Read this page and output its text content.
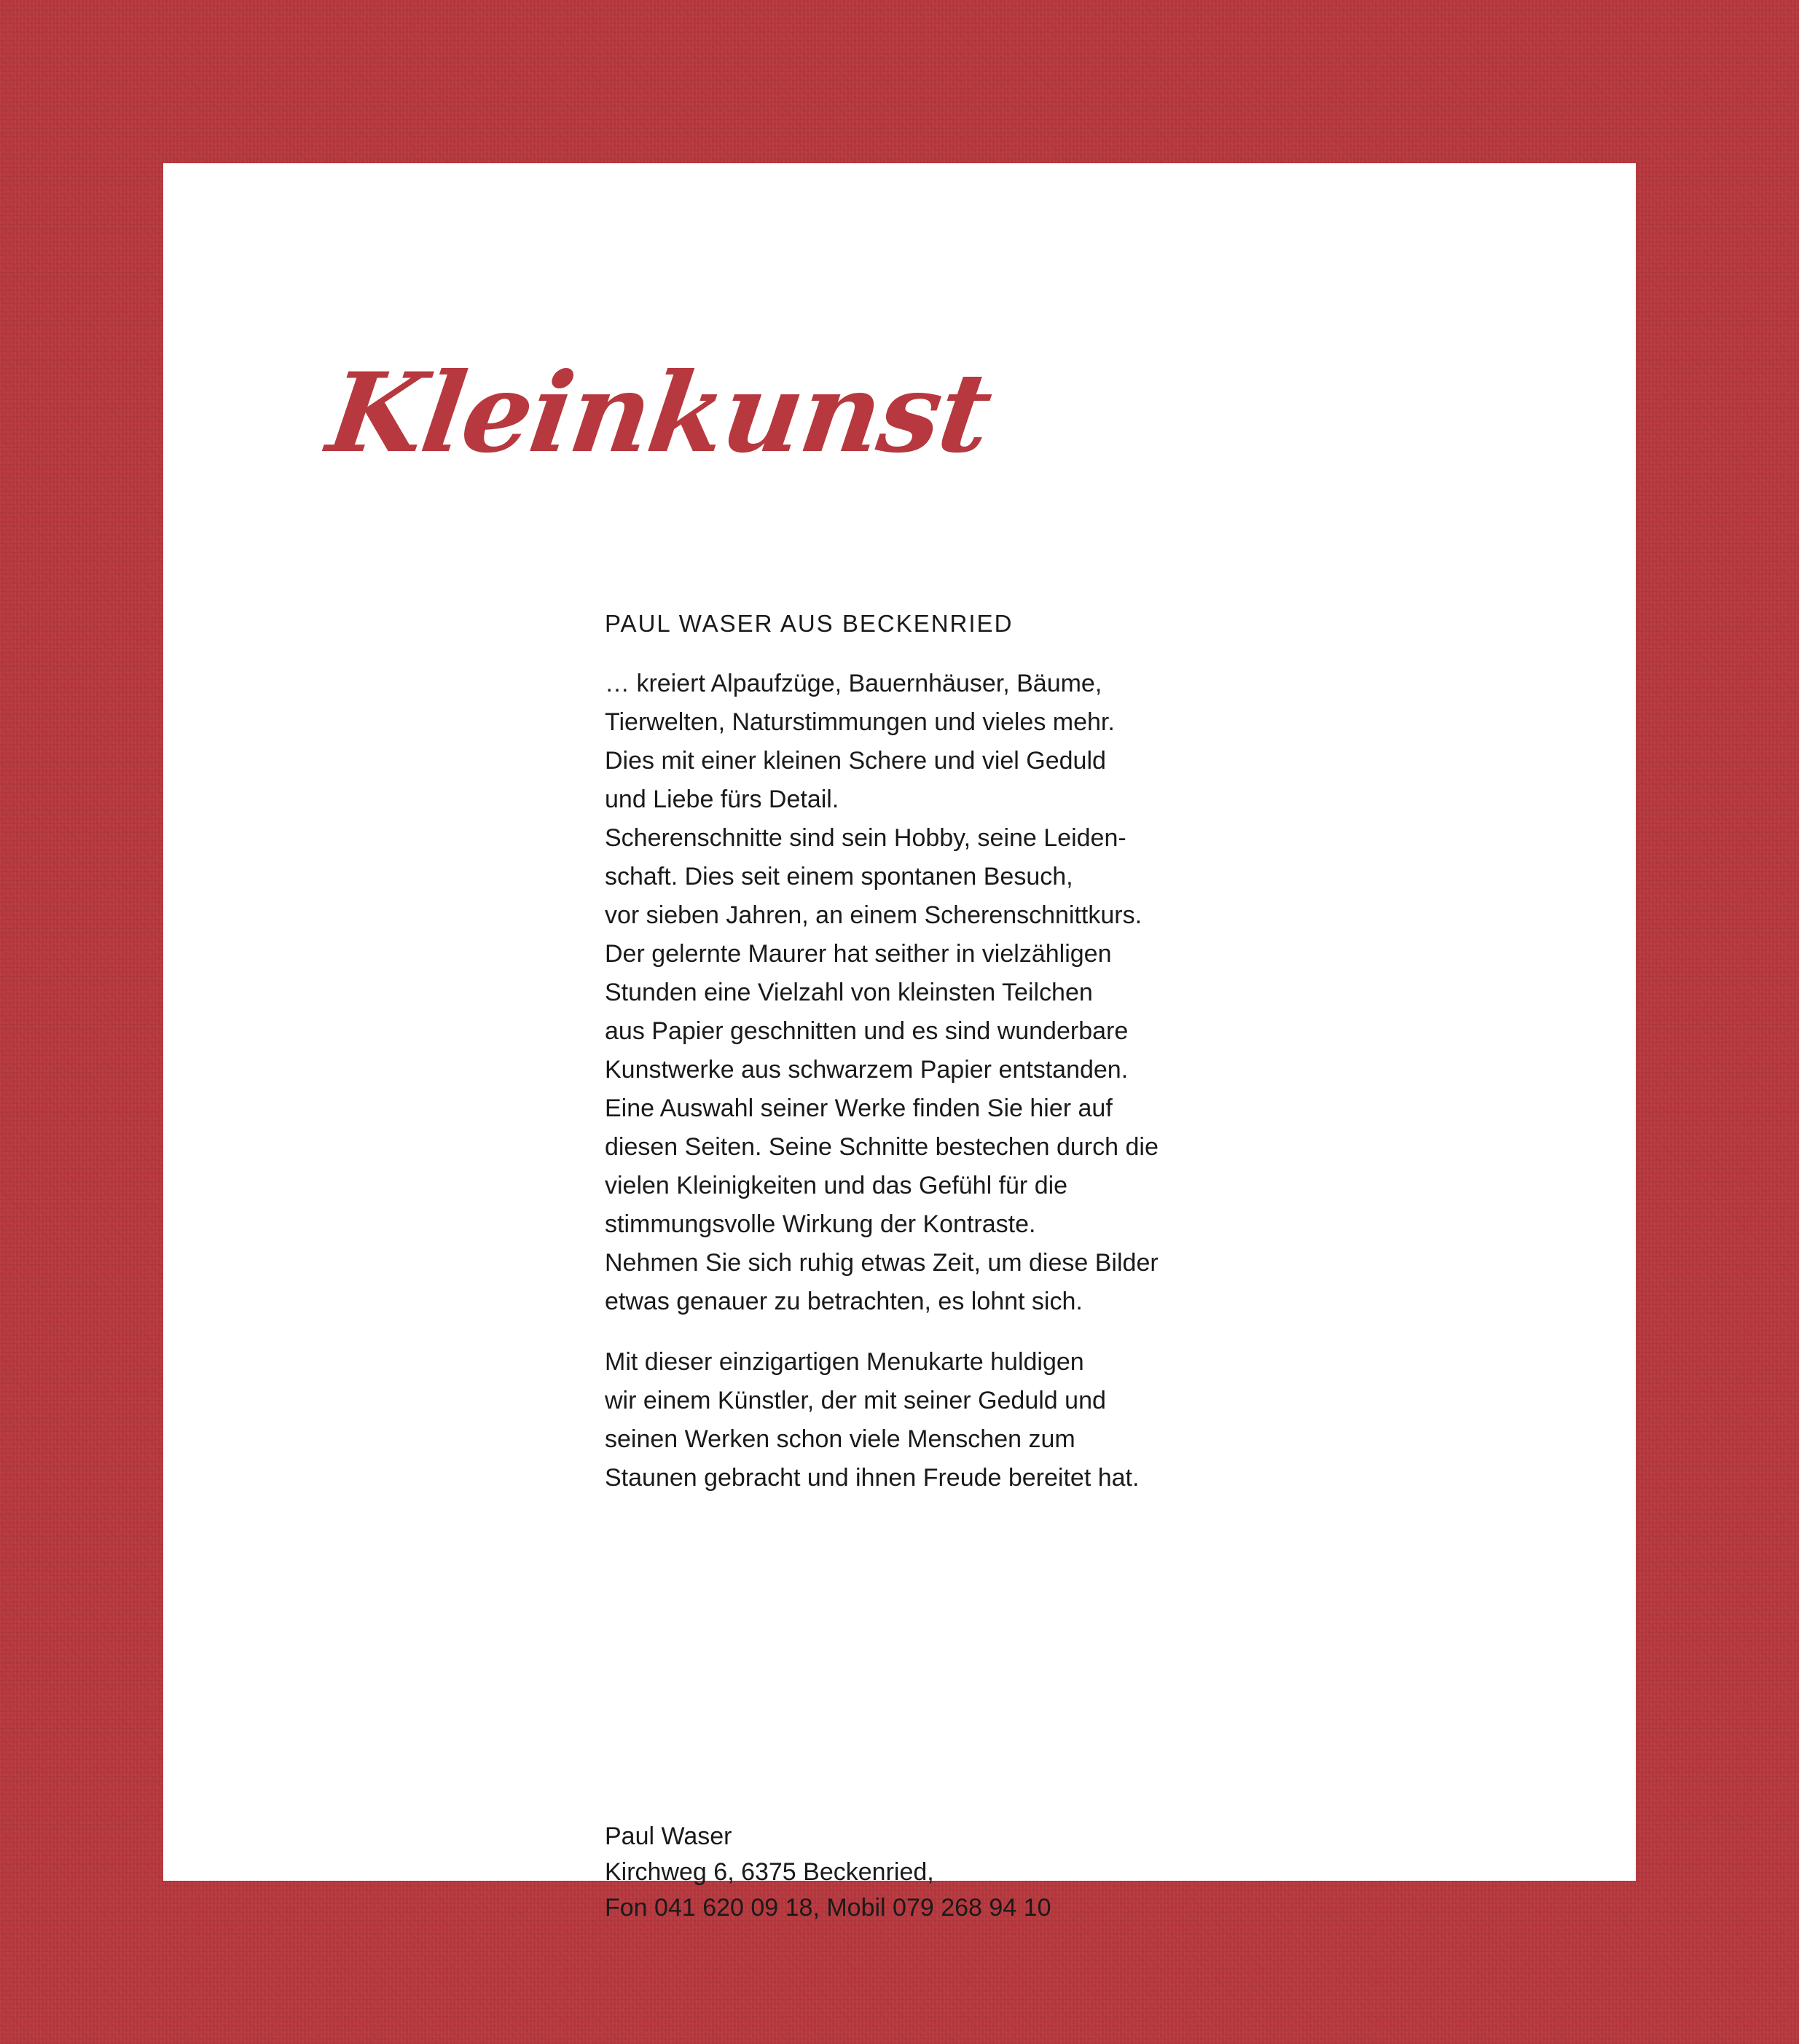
Kleinkunst
PAUL WASER AUS BECKENRIED

… kreiert Alpaufzüge, Bauernhäuser, Bäume,
Tierwelten, Naturstimmungen und vieles mehr.
Dies mit einer kleinen Schere und viel Geduld
und Liebe fürs Detail.
Scherenschnitte sind sein Hobby, seine Leiden-
schaft. Dies seit einem spontanen Besuch,
vor sieben Jahren, an einem Scherenschnittkurs.
Der gelernte Maurer hat seither in vielzähligen
Stunden eine Vielzahl von kleinsten Teilchen
aus Papier geschnitten und es sind wunderbare
Kunstwerke aus schwarzem Papier entstanden.
Eine Auswahl seiner Werke finden Sie hier auf
diesen Seiten. Seine Schnitte bestechen durch die
vielen Kleinigkeiten und das Gefühl für die
stimmungsvolle Wirkung der Kontraste.
Nehmen Sie sich ruhig etwas Zeit, um diese Bilder
etwas genauer zu betrachten, es lohnt sich.

Mit dieser einzigartigen Menukarte huldigen
wir einem Künstler, der mit seiner Geduld und
seinen Werken schon viele Menschen zum
Staunen gebracht und ihnen Freude bereitet hat.

Paul Waser
Kirchweg 6, 6375 Beckenried,
Fon 041 620 09 18, Mobil 079 268 94 10
